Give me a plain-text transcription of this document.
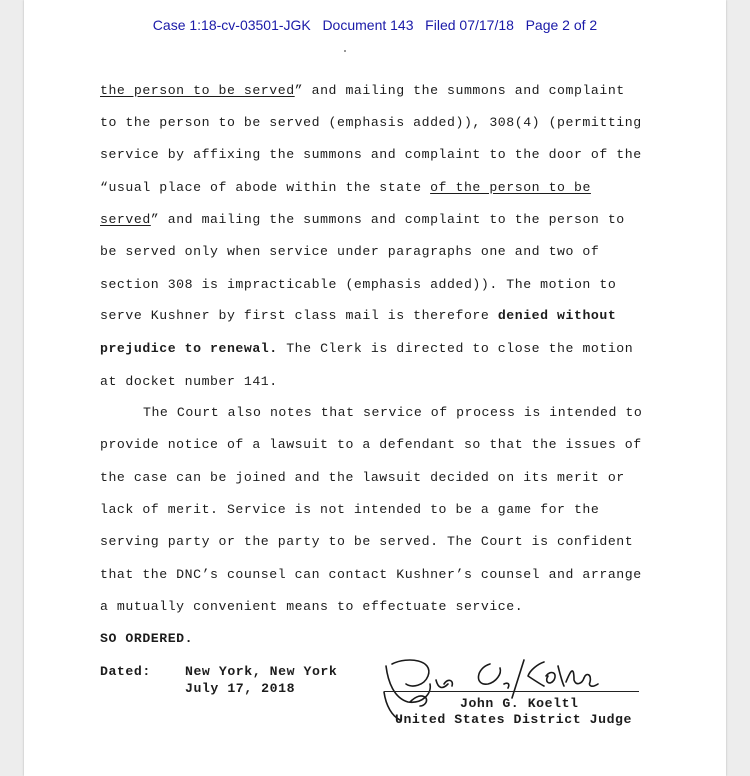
Case 1:18-cv-03501-JGK Document 143 Filed 07/17/18 Page 2 of 2
the person to be served” and mailing the summons and complaint
to the person to be served (emphasis added)), 308(4) (permitting
service by affixing the summons and complaint to the door of the
“usual place of abode within the state of the person to be
served” and mailing the summons and complaint to the person to
be served only when service under paragraphs one and two of
section 308 is impracticable (emphasis added)). The motion to
serve Kushner by first class mail is therefore denied without
prejudice to renewal. The Clerk is directed to close the motion
at docket number 141.
The Court also notes that service of process is intended to
provide notice of a lawsuit to a defendant so that the issues of
the case can be joined and the lawsuit decided on its merit or
lack of merit. Service is not intended to be a game for the
serving party or the party to be served. The Court is confident
that the DNC’s counsel can contact Kushner’s counsel and arrange
a mutually convenient means to effectuate service.
SO ORDERED.
Dated:	New York, New York
July 17, 2018
John G. Koeltl
United States District Judge
